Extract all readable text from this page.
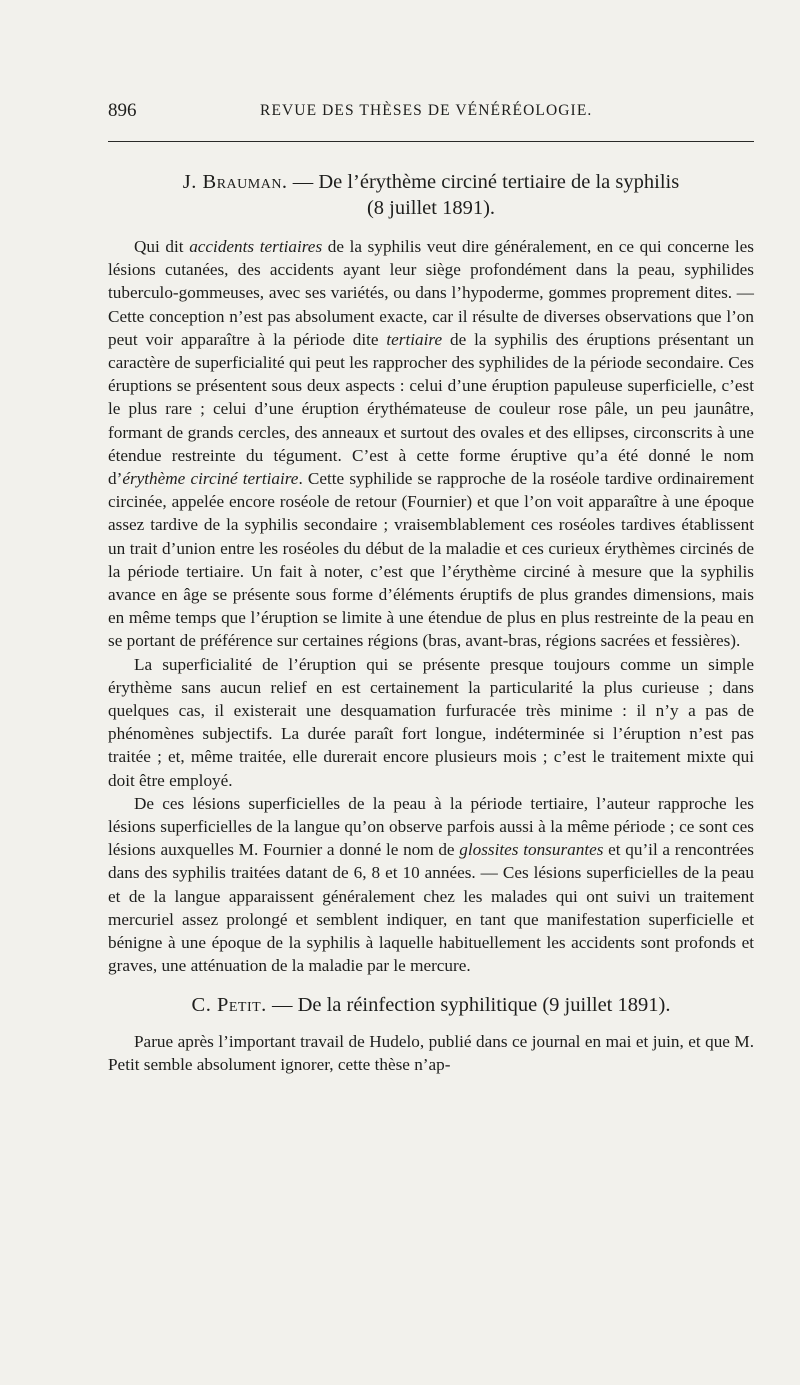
896	REVUE DES THÈSES DE VÉNÉRÉOLOGIE.
J. Brauman. — De l’érythème circiné tertiaire de la syphilis
(8 juillet 1891).

Qui dit accidents tertiaires de la syphilis veut dire généralement, en ce qui concerne les lésions cutanées, des accidents ayant leur siège profondément dans la peau, syphilides tuberculo-gommeuses, avec ses variétés, ou dans l’hypoderme, gommes proprement dites. — Cette conception n’est pas absolument exacte, car il résulte de diverses observations que l’on peut voir apparaître à la période dite tertiaire de la syphilis des éruptions présentant un caractère de superficialité qui peut les rapprocher des syphilides de la période secondaire. Ces éruptions se présentent sous deux aspects : celui d’une éruption papuleuse superficielle, c’est le plus rare ; celui d’une éruption érythémateuse de couleur rose pâle, un peu jaunâtre, formant de grands cercles, des anneaux et surtout des ovales et des ellipses, circonscrits à une étendue restreinte du tégument. C’est à cette forme éruptive qu’a été donné le nom d’érythème circiné tertiaire. Cette syphilide se rapproche de la roséole tardive ordinairement circinée, appelée encore roséole de retour (Fournier) et que l’on voit apparaître à une époque assez tardive de la syphilis secondaire ; vraisemblablement ces roséoles tardives établissent un trait d’union entre les roséoles du début de la maladie et ces curieux érythèmes circinés de la période tertiaire. Un fait à noter, c’est que l’érythème circiné à mesure que la syphilis avance en âge se présente sous forme d’éléments éruptifs de plus grandes dimensions, mais en même temps que l’éruption se limite à une étendue de plus en plus restreinte de la peau en se portant de préférence sur certaines régions (bras, avant-bras, régions sacrées et fessières).

La superficialité de l’éruption qui se présente presque toujours comme un simple érythème sans aucun relief en est certainement la particularité la plus curieuse ; dans quelques cas, il existerait une desquamation furfuracée très minime : il n’y a pas de phénomènes subjectifs. La durée paraît fort longue, indéterminée si l’éruption n’est pas traitée ; et, même traitée, elle durerait encore plusieurs mois ; c’est le traitement mixte qui doit être employé.

De ces lésions superficielles de la peau à la période tertiaire, l’auteur rapproche les lésions superficielles de la langue qu’on observe parfois aussi à la même période ; ce sont ces lésions auxquelles M. Fournier a donné le nom de glossites tonsurantes et qu’il a rencontrées dans des syphilis traitées datant de 6, 8 et 10 années. — Ces lésions superficielles de la peau et de la langue apparaissent généralement chez les malades qui ont suivi un traitement mercuriel assez prolongé et semblent indiquer, en tant que manifestation superficielle et bénigne à une époque de la syphilis à laquelle habituellement les accidents sont profonds et graves, une atténuation de la maladie par le mercure.

C. Petit. — De la réinfection syphilitique (9 juillet 1891).

Parue après l’important travail de Hudelo, publié dans ce journal en mai et juin, et que M. Petit semble absolument ignorer, cette thèse n’ap-
